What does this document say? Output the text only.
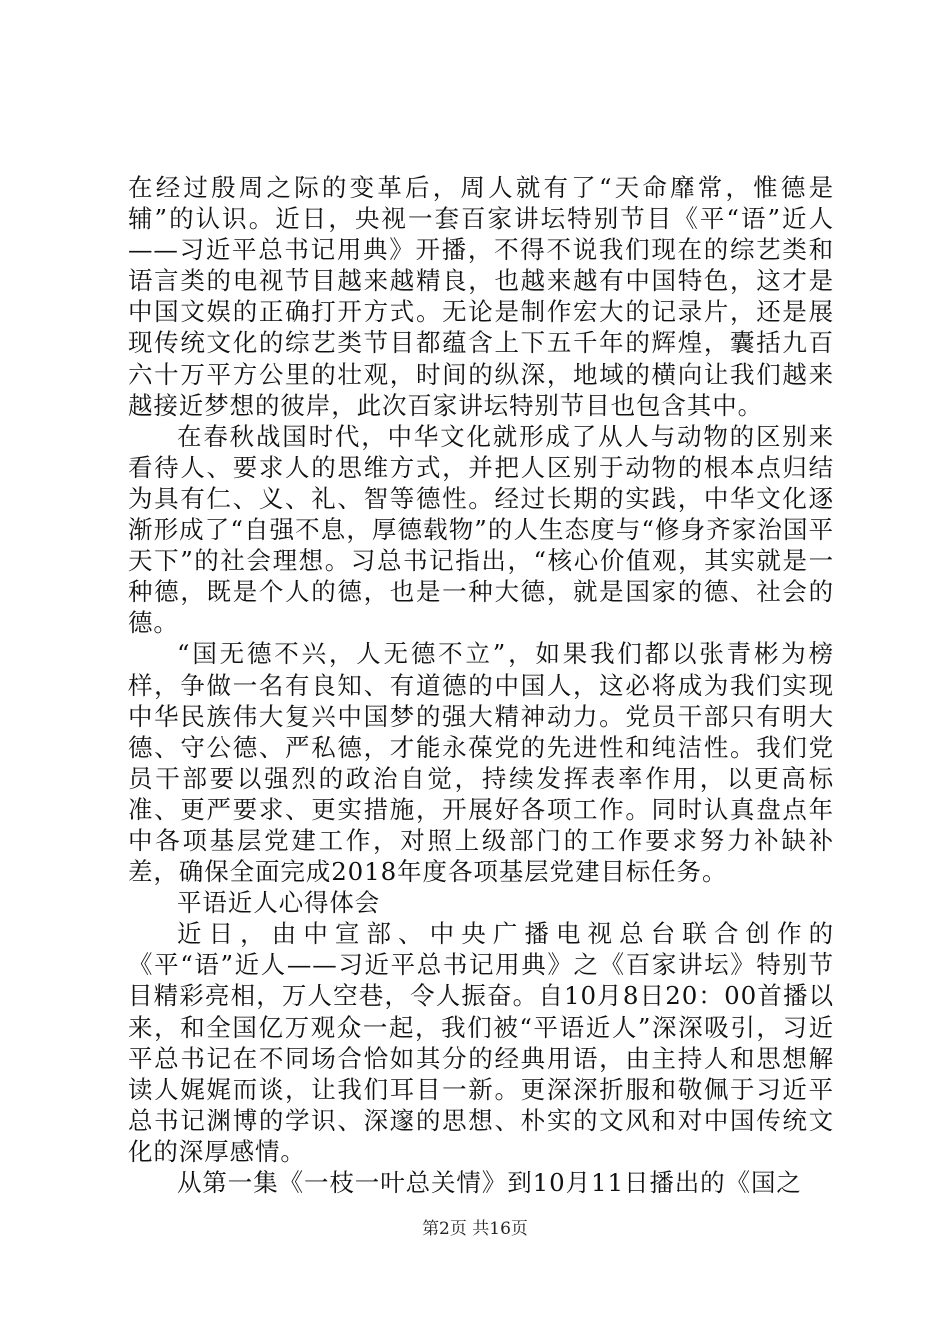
在经过殷周之际的变革后，周人就有了“天命靡常，惟德是辅”的认识。近日，央视一套百家讲坛特别节目《平“语”近人——习近平总书记用典》开播，不得不说我们现在的综艺类和语言类的电视节目越来越精良，也越来越有中国特色，这才是中国文娱的正确打开方式。无论是制作宏大的记录片，还是展现传统文化的综艺类节目都蕴含上下五千年的辉煌，囊括九百六十万平方公里的壮观，时间的纵深，地域的横向让我们越来越接近梦想的彼岸，此次百家讲坛特别节目也包含其中。

在春秋战国时代，中华文化就形成了从人与动物的区别来看待人、要求人的思维方式，并把人区别于动物的根本点归结为具有仁、义、礼、智等德性。经过长期的实践，中华文化逐渐形成了“自强不息，厚德载物”的人生态度与“修身齐家治国平天下”的社会理想。习总书记指出，“核心价值观，其实就是一种德，既是个人的德，也是一种大德，就是国家的德、社会的德。

“国无德不兴，人无德不立”，如果我们都以张青彬为榜样，争做一名有良知、有道德的中国人，这必将成为我们实现中华民族伟大复兴中国梦的强大精神动力。党员干部只有明大德、守公德、严私德，才能永葆党的先进性和纯洁性。我们党员干部要以强烈的政治自觉，持续发挥表率作用，以更高标准、更严要求、更实措施，开展好各项工作。同时认真盘点年中各项基层党建工作，对照上级部门的工作要求努力补缺补差，确保全面完成2018年度各项基层党建目标任务。

平语近人心得体会

近日，由中宣部、中央广播电视总台联合创作的《平“语”近人——习近平总书记用典》之《百家讲坛》特别节目精彩亮相，万人空巷，令人振奋。自10月8日20：00首播以来，和全国亿万观众一起，我们被“平语近人”深深吸引，习近平总书记在不同场合恰如其分的经典用语，由主持人和思想解读人娓娓而谈，让我们耳目一新。更深深折服和敬佩于习近平总书记渊博的学识、深邃的思想、朴实的文风和对中国传统文化的深厚感情。

从第一集《一枝一叶总关情》到10月11日播出的《国之

第2页 共16页
